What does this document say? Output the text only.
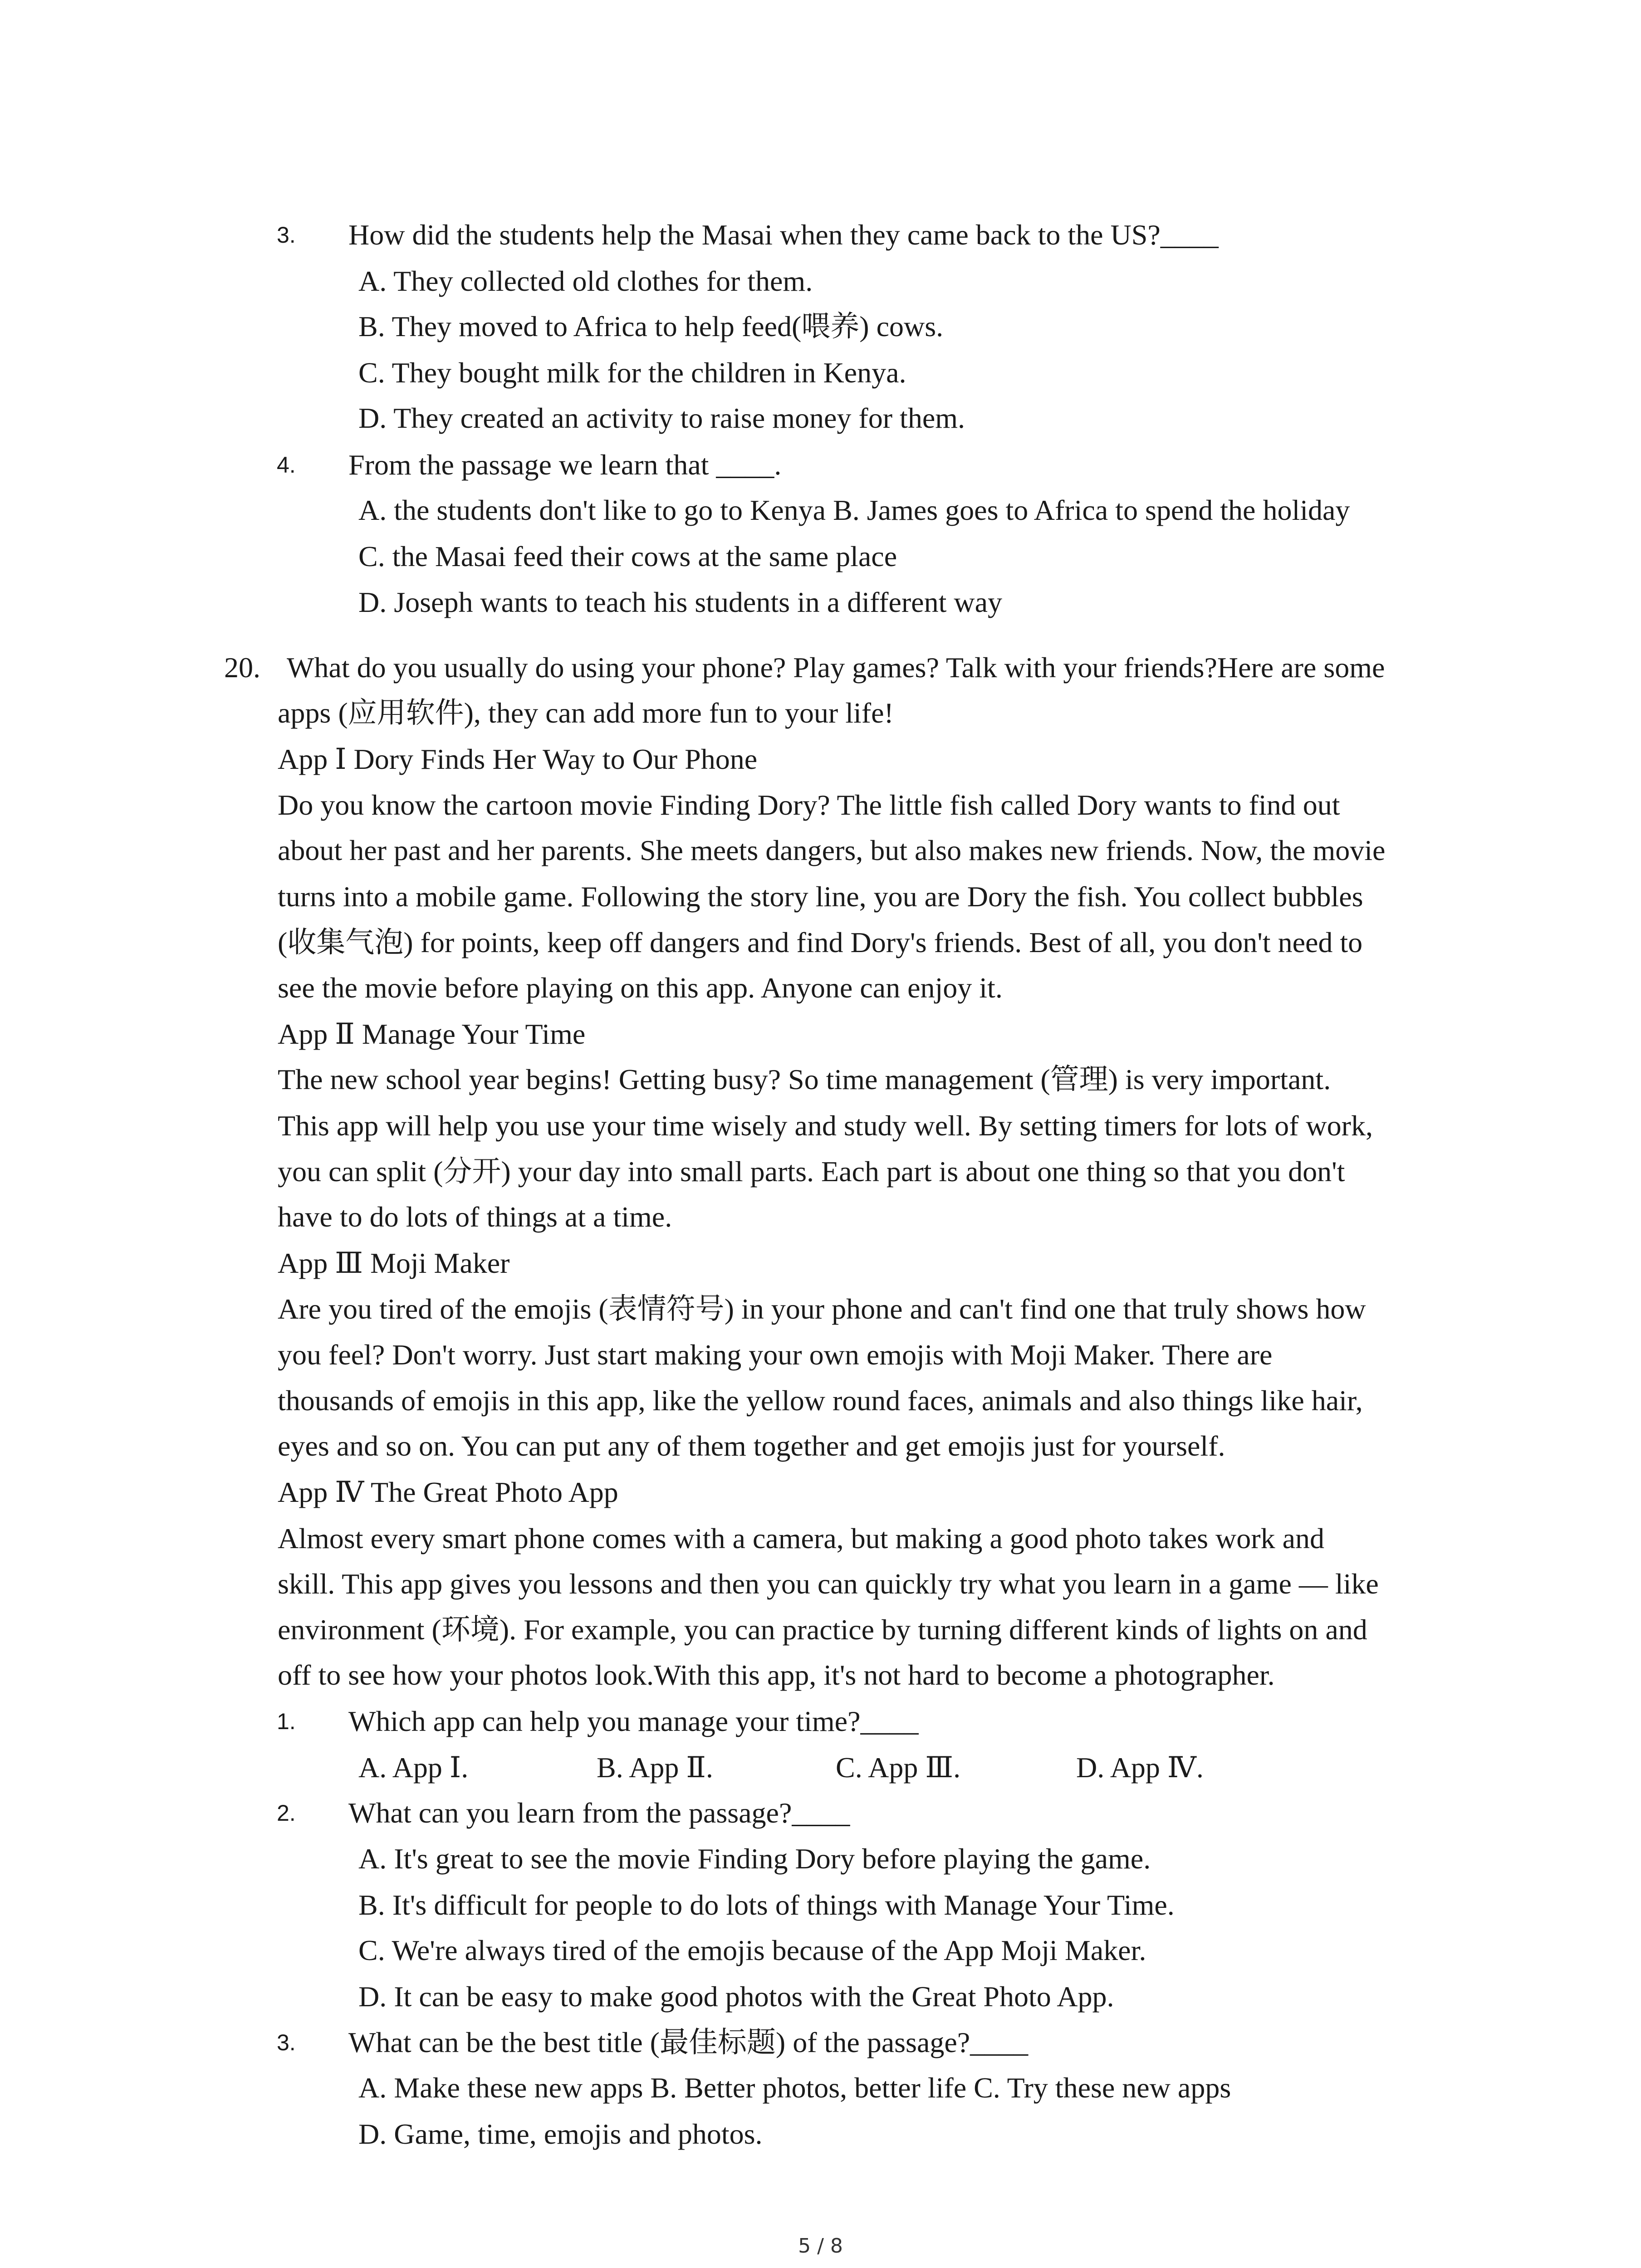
3. How did the students help the Masai when they came back to the US?____
A. They collected old clothes for them.
B. They moved to Africa to help feed(喂养) cows.
C. They bought milk for the children in Kenya.
D. They created an activity to raise money for them.
4. From the passage we learn that ____.
A. the students don't like to go to Kenya B. James goes to Africa to spend the holiday
C. the Masai feed their cows at the same place
D. Joseph wants to teach his students in a different way
20. What do you usually do using your phone? Play games? Talk with your friends?Here are some
apps (应用软件), they can add more fun to your life!
App Ⅰ Dory Finds Her Way to Our Phone
Do you know the cartoon movie Finding Dory? The little fish called Dory wants to find out
about her past and her parents. She meets dangers, but also makes new friends. Now, the movie
turns into a mobile game. Following the story line, you are Dory the fish. You collect bubbles
(收集气泡) for points, keep off dangers and find Dory's friends. Best of all, you don't need to
see the movie before playing on this app. Anyone can enjoy it.
App Ⅱ Manage Your Time
The new school year begins! Getting busy? So time management (管理) is very important.
This app will help you use your time wisely and study well. By setting timers for lots of work,
you can split (分开) your day into small parts. Each part is about one thing so that you don't
have to do lots of things at a time.
App Ⅲ Moji Maker
Are you tired of the emojis (表情符号) in your phone and can't find one that truly shows how
you feel? Don't worry. Just start making your own emojis with Moji Maker. There are
thousands of emojis in this app, like the yellow round faces, animals and also things like hair,
eyes and so on. You can put any of them together and get emojis just for yourself.
App Ⅳ The Great Photo App
Almost every smart phone comes with a camera, but making a good photo takes work and
skill. This app gives you lessons and then you can quickly try what you learn in a game — like
environment (环境). For example, you can practice by turning different kinds of lights on and
off to see how your photos look.With this app, it's not hard to become a photographer.
1. Which app can help you manage your time?____
A. App Ⅰ.	B. App Ⅱ.	C. App Ⅲ.	D. App Ⅳ.
2. What can you learn from the passage?____
A. It's great to see the movie Finding Dory before playing the game.
B. It's difficult for people to do lots of things with Manage Your Time.
C. We're always tired of the emojis because of the App Moji Maker.
D. It can be easy to make good photos with the Great Photo App.
3. What can be the best title (最佳标题) of the passage?____
A. Make these new apps B. Better photos, better life C. Try these new apps
D. Game, time, emojis and photos.
5 / 8
